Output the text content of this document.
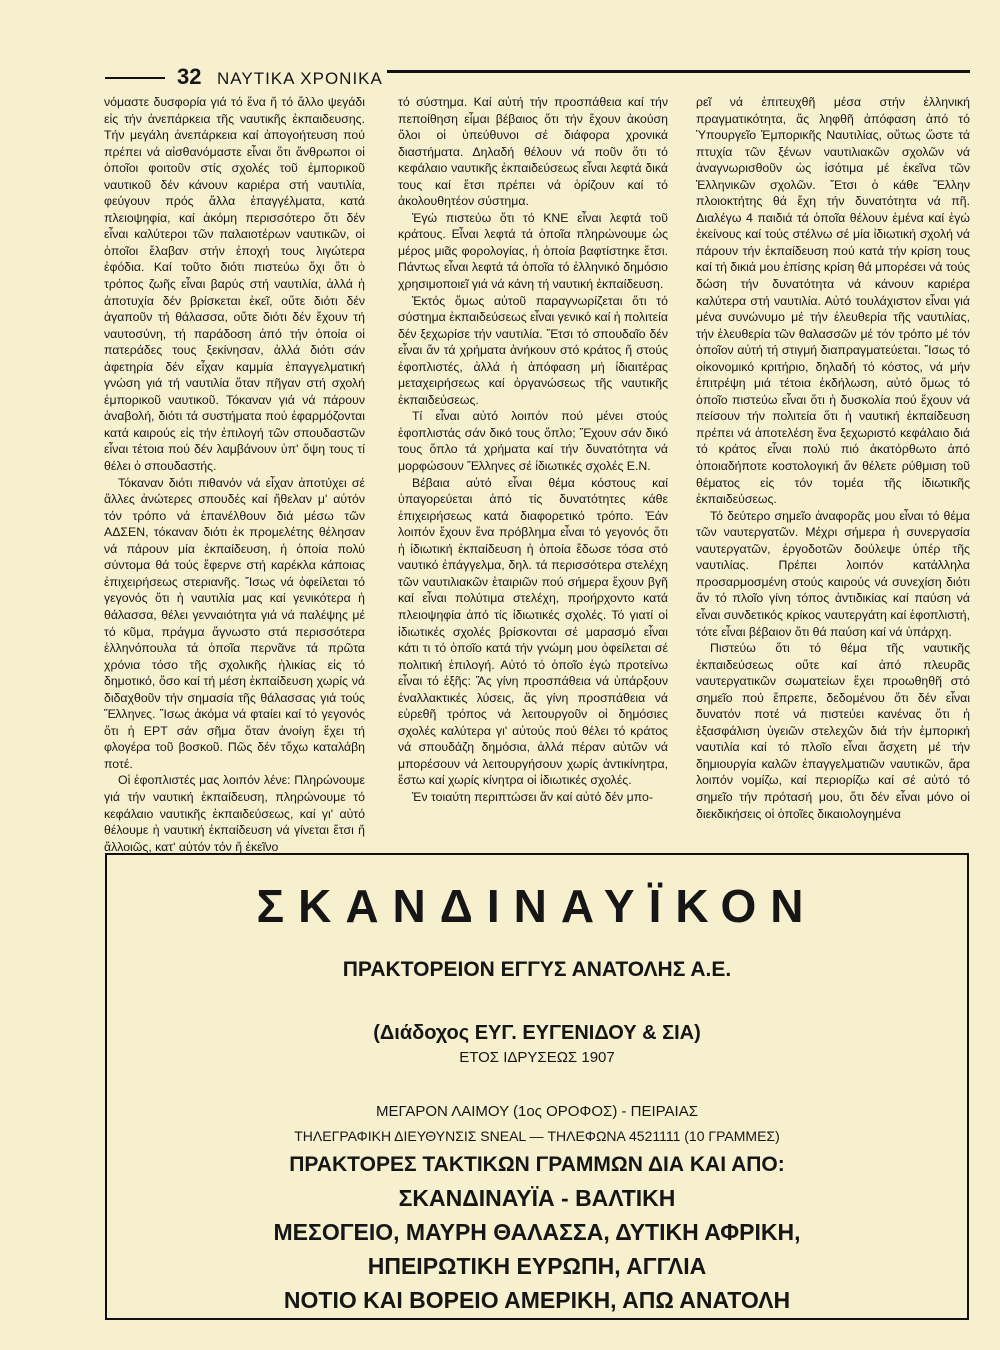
32 ΝΑΥΤΙΚΑ ΧΡΟΝΙΚΑ

νόμαστε δυσφορία γιά τό ἕνα ἤ τό ἄλλο ψεγάδι εἰς τήν ἀνεπάρκεια τῆς ναυτικῆς ἐκπαιδευσης. Τήν μεγάλη ἀνεπάρκεια καί ἀπογοήτευση πού πρέπει νά αἰσθανόμαστε εἶναι ὅτι ἄνθρωποι οἱ ὁποῖοι φοιτοῦν στίς σχολές τοῦ ἐμπορικοῦ ναυτικοῦ δέν κάνουν καριέρα στή ναυτιλία, φεύγουν πρός ἄλλα ἐπαγγέλματα, κατά πλειοψηφία, καί ἀκόμη περισσότερο ὅτι δέν εἶναι καλύτεροι τῶν παλαιοτέρων ναυτικῶν, οἱ ὁποῖοι ἔλαβαν στήν ἐποχή τους λιγώτερα ἐφόδια. Καί τοῦτο διότι πιστεύω ὄχι ὅτι ὁ τρόπος ζωῆς εἶναι βαρύς στή ναυτιλία, ἀλλά ἡ ἀποτυχία δέν βρίσκεται ἐκεῖ, οὔτε διότι δέν ἀγαποῦν τή θάλασσα, οὔτε διότι δέν ἔχουν τή ναυτοσύνη, τή παράδοση ἀπό τήν ὁποία οἱ πατεράδες τους ξεκίνησαν, ἀλλά διότι σάν ἀφετηρία δέν εἶχαν καμμία ἐπαγγελματική γνώση γιά τή ναυτιλία ὅταν πῆγαν στή σχολή ἐμπορικοῦ ναυτικοῦ. Τόκαναν γιά νά πάρουν ἀναβολή, διότι τά συστήματα πού ἐφαρμόζονται κατά καιρούς εἰς τήν ἐπιλογή τῶν σπουδαστῶν εἶναι τέτοια πού δέν λαμβάνουν ὑπ' ὄψη τους τί θέλει ὁ σπουδαστής.

Τόκαναν διότι πιθανόν νά εἶχαν ἀποτύχει σέ ἄλλες ἀνώτερες σπουδές καί ἤθελαν μ' αὐτόν τόν τρόπο νά ἐπανέλθουν διά μέσω τῶν ΑΔΣΕΝ, τόκαναν διότι ἐκ προμελέτης θέλησαν νά πάρουν μία ἐκπαίδευση, ἡ ὁποία πολύ σύντομα θά τούς ἔφερνε στή καρέκλα κάποιας ἐπιχειρήσεως στεριανῆς. Ἴσως νά ὀφείλεται τό γεγονός ὅτι ἡ ναυτιλία μας καί γενικότερα ἡ θάλασσα, θέλει γενναιότητα γιά νά παλέψης μέ τό κῦμα, πράγμα ἄγνωστο στά περισσότερα ἑλληνόπουλα τά ὁποῖα περνᾶνε τά πρῶτα χρόνια τόσο τῆς σχολικῆς ἡλικίας εἰς τό δημοτικό, ὅσο καί τή μέση ἐκπαίδευση χωρίς νά διδαχθοῦν τήν σημασία τῆς θάλασσας γιά τούς Ἕλληνες. Ἴσως ἀκόμα νά φταίει καί τό γεγονός ὅτι ἡ ΕΡΤ σάν σῆμα ὅταν ἀνοίγη ἔχει τή φλογέρα τοῦ βοσκοῦ. Πῶς δέν τὄχω καταλάβη ποτέ.

Οἱ ἐφοπλιστές μας λοιπόν λένε: Πληρώνουμε γιά τήν ναυτική ἐκπαίδευση, πληρώνουμε τό κεφάλαιο ναυτικῆς ἐκπαιδεύσεως, καί γι' αὐτό θέλουμε ἡ ναυτική ἐκπαίδευση νά γίνεται ἔτσι ἤ ἄλλοιῶς, κατ' αὐτόν τόν ἤ ἐκεῖνο

τό σύστημα. Καί αὐτή τήν προσπάθεια καί τήν πεποίθηση εἶμαι βέβαιος ὅτι τήν ἔχουν ἀκούση ὅλοι οἱ ὑπεύθυνοι σέ διάφορα χρονικά διαστήματα. Δηλαδή θέλουν νά ποῦν ὅτι τό κεφάλαιο ναυτικῆς ἐκπαιδεύσεως εἶναι λεφτά δικά τους καί ἔτσι πρέπει νά ὁρίζουν καί τό ἀκολουθητέον σύστημα.

Ἐγώ πιστεύω ὅτι τό ΚΝΕ εἶναι λεφτά τοῦ κράτους. Εἶναι λεφτά τά ὁποῖα πληρώνουμε ὡς μέρος μιᾶς φορολογίας, ἡ ὁποία βαφτίστηκε ἔτσι. Πάντως εἶναι λεφτά τά ὁποῖα τό ἑλληνικό δημόσιο χρησιμοποιεῖ γιά νά κάνη τή ναυτική ἐκπαίδευση.

Ἐκτός ὅμως αὐτοῦ παραγνωρίζεται ὅτι τό σύστημα ἐκπαιδεύσεως εἶναι γενικό καί ἡ πολιτεία δέν ξεχωρίσε τήν ναυτιλία. Ἔτσι τό σπουδαῖο δέν εἶναι ἄν τά χρήματα ἀνήκουν στό κράτος ἤ στούς ἐφοπλιστές, ἀλλά ἡ ἀπόφαση μή ἰδιαιτέρας μεταχειρήσεως καί ὀργανώσεως τῆς ναυτικῆς ἐκπαιδεύσεως.

Τί εἶναι αὐτό λοιπόν πού μένει στούς ἐφοπλιστάς σάν δικό τους ὅπλο; Ἔχουν σάν δικό τους ὅπλο τά χρήματα καί τήν δυνατότητα νά μορφώσουν Ἕλληνες σέ ἰδιωτικές σχολές Ε.Ν.

Βέβαια αὐτό εἶναι θέμα κόστους καί ὑπαγορεύεται ἀπό τίς δυνατότητες κάθε ἐπιχειρήσεως κατά διαφορετικό τρόπο. Ἐάν λοιπόν ἔχουν ἕνα πρόβλημα εἶναι τό γεγονός ὅτι ἡ ἰδιωτική ἐκπαίδευση ἡ ὁποία ἔδωσε τόσα στό ναυτικό ἐπάγγελμα, δηλ. τά περισσότερα στελέχη τῶν ναυτιλιακῶν ἑταιριῶν πού σήμερα ἔχουν βγῆ καί εἶναι πολύτιμα στελέχη, προήρχοντο κατά πλειοψηφία ἀπό τίς ἰδιωτικές σχολές. Τό γιατί οἱ ἰδιωτικές σχολές βρίσκονται σέ μαρασμό εἶναι κάτι τι τό ὁποῖο κατά τήν γνώμη μου ὀφείλεται σέ πολιτική ἐπιλογή. Αὐτό τό ὁποῖο ἐγώ προτείνω εἶναι τό ἑξῆς: Ἄς γίνη προσπάθεια νά ὑπάρξουν ἐναλλακτικές λύσεις, ἄς γίνη προσπάθεια νά εὑρεθῆ τρόπος νά λειτουργοῦν οἱ δημόσιες σχολές καλύτερα γι' αὐτούς πού θέλει τό κράτος νά σπουδάζη δημόσια, ἀλλά πέραν αὐτῶν νά μπορέσουν νά λειτουργήσουν χωρίς ἀντικίνητρα, ἔστω καί χωρίς κίνητρα οἱ ἰδιωτικές σχολές.

Ἐν τοιαύτη περιπτώσει ἄν καί αὐτό δέν μπο-

ρεῖ νά ἐπιτευχθῆ μέσα στήν ἑλληνική πραγματικότητα, ἄς ληφθῆ ἀπόφαση ἀπό τό Ὑπουργεῖο Ἐμπορικῆς Ναυτιλίας, οὕτως ὥστε τά πτυχία τῶν ξένων ναυτιλιακῶν σχολῶν νά ἀναγνωρισθοῦν ὡς ἰσότιμα μέ ἐκεῖνα τῶν Ἑλληνικῶν σχολῶν. Ἔτσι ὁ κάθε Ἕλλην πλοιοκτήτης θά ἔχη τήν δυνατότητα νά πῆ. Διαλέγω 4 παιδιά τά ὁποῖα θέλουν ἐμένα καί ἐγώ ἐκείνους καί τούς στέλνω σέ μία ἰδιωτική σχολή νά πάρουν τήν ἐκπαίδευση πού κατά τήν κρίση τους καί τή δικιά μου ἐπίσης κρίση θά μπορέσει νά τούς δώση τήν δυνατότητα νά κάνουν καριέρα καλύτερα στή ναυτιλία. Αὐτό τουλάχιστον εἶναι γιά μένα συνώνυμο μέ τήν ἐλευθερία τῆς ναυτιλίας, τήν ἐλευθερία τῶν θαλασσῶν μέ τόν τρόπο μέ τόν ὁποῖον αὐτή τή στιγμή διαπραγματεύεται. Ἴσως τό οἰκονομικό κριτήριο, δηλαδή τό κόστος, νά μήν ἐπιτρέψη μιά τέτοια ἐκδήλωση, αὐτό ὅμως τό ὁποῖο πιστεύω εἶναι ὅτι ἡ δυσκολία πού ἔχουν νά πείσουν τήν πολιτεία ὅτι ἡ ναυτική ἐκπαίδευση πρέπει νά ἀποτελέση ἕνα ξεχωριστό κεφάλαιο διά τό κράτος εἶναι πολύ πιό ἀκατόρθωτο ἀπό ὁποιαδήποτε κοστολογική ἄν θέλετε ρύθμιση τοῦ θέματος εἰς τόν τομέα τῆς ἰδιωτικῆς ἐκπαιδεύσεως.

Τό δεύτερο σημεῖο ἀναφορᾶς μου εἶναι τό θέμα τῶν ναυτεργατῶν. Μέχρι σήμερα ἡ συνεργασία ναυτεργατῶν, ἐργοδοτῶν δούλεψε ὑπέρ τῆς ναυτιλίας. Πρέπει λοιπόν κατάλληλα προσαρμοσμένη στούς καιρούς νά συνεχίση διότι ἄν τό πλοῖο γίνη τόπος ἀντιδικίας καί παύση νά εἶναι συνδετικός κρίκος ναυτεργάτη καί ἐφοπλιστή, τότε εἶναι βέβαιον ὅτι θά παύση καί νά ὑπάρχη.

Πιστεύω ὅτι τό θέμα τῆς ναυτικῆς ἐκπαιδεύσεως οὔτε καί ἀπό πλευρᾶς ναυτεργατικῶν σωματείων ἔχει προωθηθῆ στό σημεῖο πού ἔπρεπε, δεδομένου ὅτι δέν εἶναι δυνατόν ποτέ νά πιστεύει κανένας ὅτι ἡ ἐξασφάλιση ὑγειῶν στελεχῶν διά τήν ἐμπορική ναυτιλία καί τό πλοῖο εἶναι ἄσχετη μέ τήν δημιουργία καλῶν ἐπαγγελματιῶν ναυτικῶν, ἄρα λοιπόν νομίζω, καί περιορίζω καί σέ αὐτό τό σημεῖο τήν πρότασή μου, ὅτι δέν εἶναι μόνο οἱ διεκδικήσεις οἱ ὁποῖες δικαιολογημένα

ΣΚΑΝΔΙΝΑΥΪΚΟΝ
ΠΡΑΚΤΟΡΕΙΟΝ ΕΓΓΥΣ ΑΝΑΤΟΛΗΣ Α.Ε.
(Διάδοχος ΕΥΓ. ΕΥΓΕΝΙΔΟΥ & ΣΙΑ)
ΕΤΟΣ ΙΔΡΥΣΕΩΣ 1907
ΜΕΓΑΡΟΝ ΛΑΙΜΟΥ (1ος ΟΡΟΦΟΣ) - ΠΕΙΡΑΙΑΣ
ΤΗΛΕΓΡΑΦΙΚΗ ΔΙΕΥΘΥΝΣΙΣ SNEAL — ΤΗΛΕΦΩΝΑ 4521111 (10 ΓΡΑΜΜΕΣ)
ΠΡΑΚΤΟΡΕΣ ΤΑΚΤΙΚΩΝ ΓΡΑΜΜΩΝ ΔΙΑ ΚΑΙ ΑΠΟ:
ΣΚΑΝΔΙΝΑΥΪΑ - ΒΑΛΤΙΚΗ
ΜΕΣΟΓΕΙΟ, ΜΑΥΡΗ ΘΑΛΑΣΣΑ, ΔΥΤΙΚΗ ΑΦΡΙΚΗ,
ΗΠΕΙΡΩΤΙΚΗ ΕΥΡΩΠΗ, ΑΓΓΛΙΑ
ΝΟΤΙΟ ΚΑΙ ΒΟΡΕΙΟ ΑΜΕΡΙΚΗ, ΑΠΩ ΑΝΑΤΟΛΗ
